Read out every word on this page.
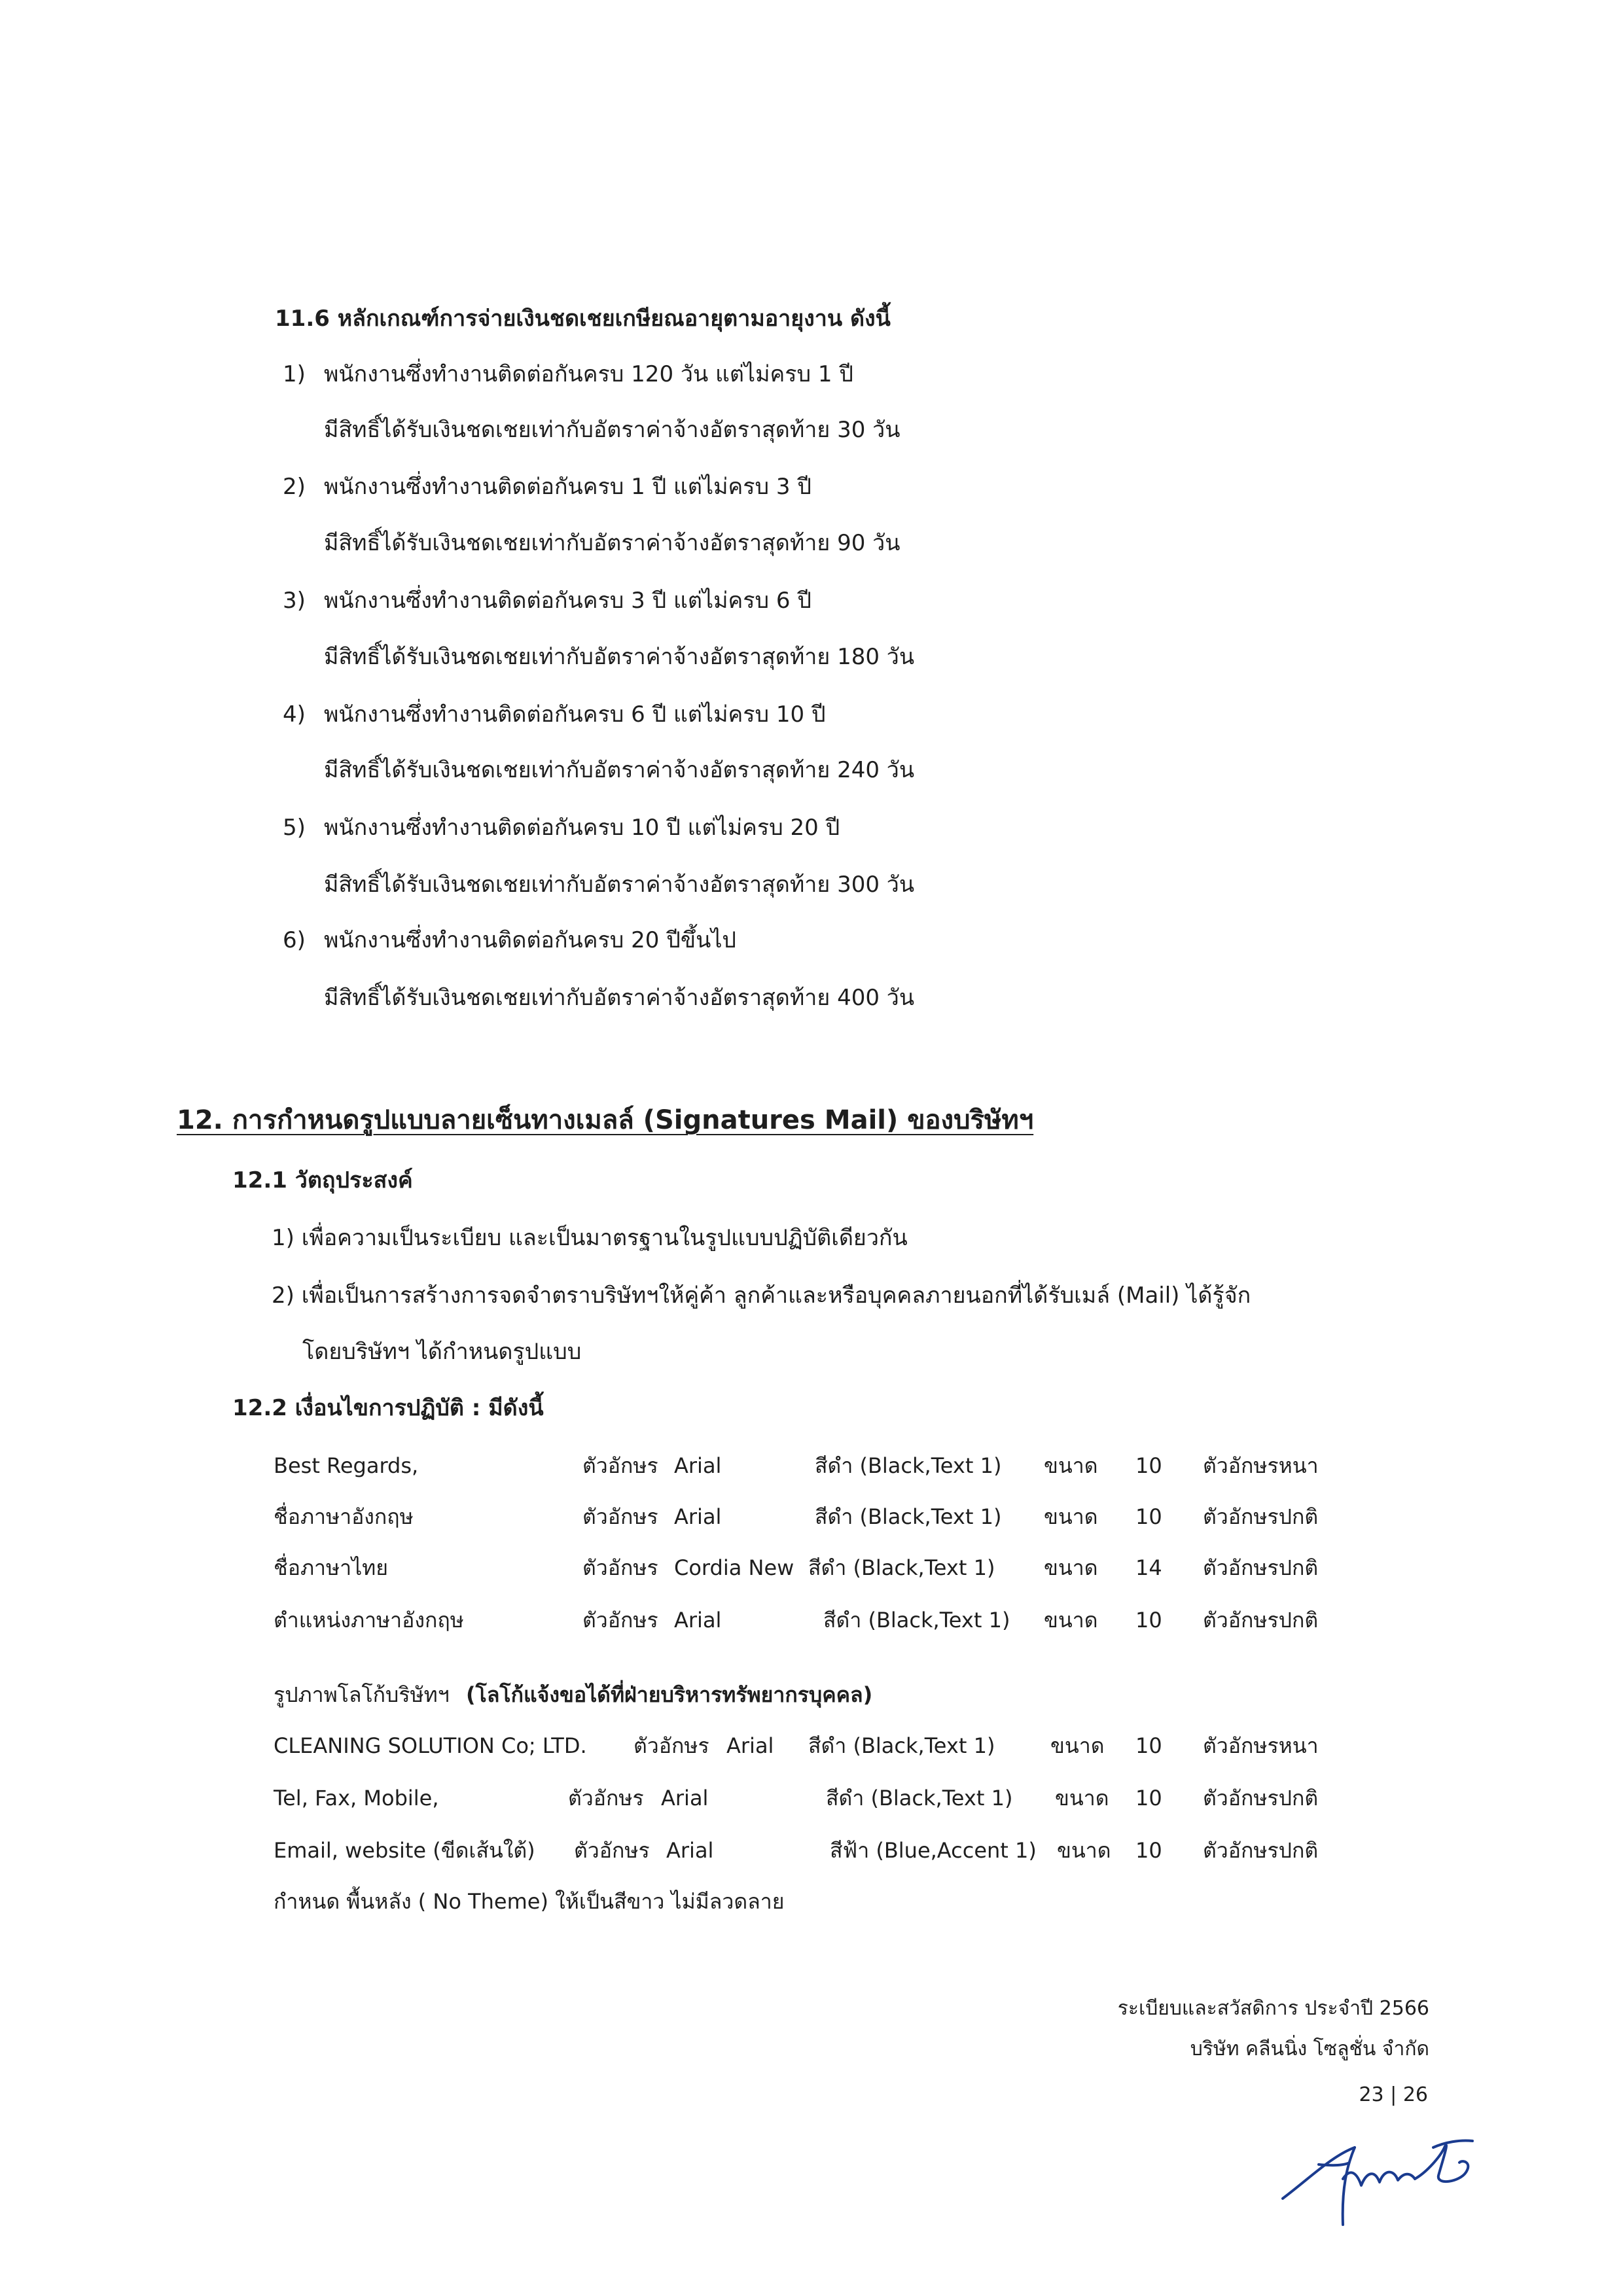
11.6 หลักเกณฑ์การจ่ายเงินชดเชยเกษียณอายุตามอายุงาน ดังนี้
1) พนักงานซึ่งทำงานติดต่อกันครบ 120 วัน แต่ไม่ครบ 1 ปี
มีสิทธิ์ได้รับเงินชดเชยเท่ากับอัตราค่าจ้างอัตราสุดท้าย 30 วัน
2) พนักงานซึ่งทำงานติดต่อกันครบ 1 ปี แต่ไม่ครบ 3 ปี
มีสิทธิ์ได้รับเงินชดเชยเท่ากับอัตราค่าจ้างอัตราสุดท้าย 90 วัน
3) พนักงานซึ่งทำงานติดต่อกันครบ 3 ปี แต่ไม่ครบ 6 ปี
มีสิทธิ์ได้รับเงินชดเชยเท่ากับอัตราค่าจ้างอัตราสุดท้าย 180 วัน
4) พนักงานซึ่งทำงานติดต่อกันครบ 6 ปี แต่ไม่ครบ 10 ปี
มีสิทธิ์ได้รับเงินชดเชยเท่ากับอัตราค่าจ้างอัตราสุดท้าย 240 วัน
5) พนักงานซึ่งทำงานติดต่อกันครบ 10 ปี แต่ไม่ครบ 20 ปี
มีสิทธิ์ได้รับเงินชดเชยเท่ากับอัตราค่าจ้างอัตราสุดท้าย 300 วัน
6) พนักงานซึ่งทำงานติดต่อกันครบ 20 ปีขึ้นไป
มีสิทธิ์ได้รับเงินชดเชยเท่ากับอัตราค่าจ้างอัตราสุดท้าย 400 วัน
12. การกำหนดรูปแบบลายเซ็นทางเมลล์ (Signatures Mail) ของบริษัทฯ
12.1 วัตถุประสงค์
1) เพื่อความเป็นระเบียบ และเป็นมาตรฐานในรูปแบบปฏิบัติเดียวกัน
2) เพื่อเป็นการสร้างการจดจำตราบริษัทฯให้คู่ค้า ลูกค้าและหรือบุคคลภายนอกที่ได้รับเมล์ (Mail) ได้รู้จัก
โดยบริษัทฯ ได้กำหนดรูปแบบ
12.2 เงื่อนไขการปฏิบัติ : มีดังนี้
Best Regards,	ตัวอักษร Arial	สีดำ (Black,Text 1) ขนาด 10 ตัวอักษรหนา
ชื่อภาษาอังกฤษ	ตัวอักษร Arial	สีดำ (Black,Text 1) ขนาด 10 ตัวอักษรปกติ
ชื่อภาษาไทย	ตัวอักษร Cordia New สีดำ (Black,Text 1) ขนาด 14 ตัวอักษรปกติ
ตำแหน่งภาษาอังกฤษ	ตัวอักษร Arial	สีดำ (Black,Text 1) ขนาด 10 ตัวอักษรปกติ
รูปภาพโลโก้บริษัทฯ (โลโก้แจ้งขอได้ที่ฝ่ายบริหารทรัพยากรบุคคล)
CLEANING SOLUTION Co; LTD. ตัวอักษร Arial สีดำ (Black,Text 1)	ขนาด 10 ตัวอักษรหนา
Tel, Fax, Mobile,	ตัวอักษร Arial	สีดำ (Black,Text 1) ขนาด 10 ตัวอักษรปกติ
Email, website (ขีดเส้นใต้) ตัวอักษร Arial	สีฟ้า (Blue,Accent 1) ขนาด 10 ตัวอักษรปกติ
กำหนด พื้นหลัง ( No Theme) ให้เป็นสีขาว ไม่มีลวดลาย
ระเบียบและสวัสดิการ ประจำปี 2566
บริษัท คลีนนิ่ง โซลูชั่น จำกัด
23 | 26
